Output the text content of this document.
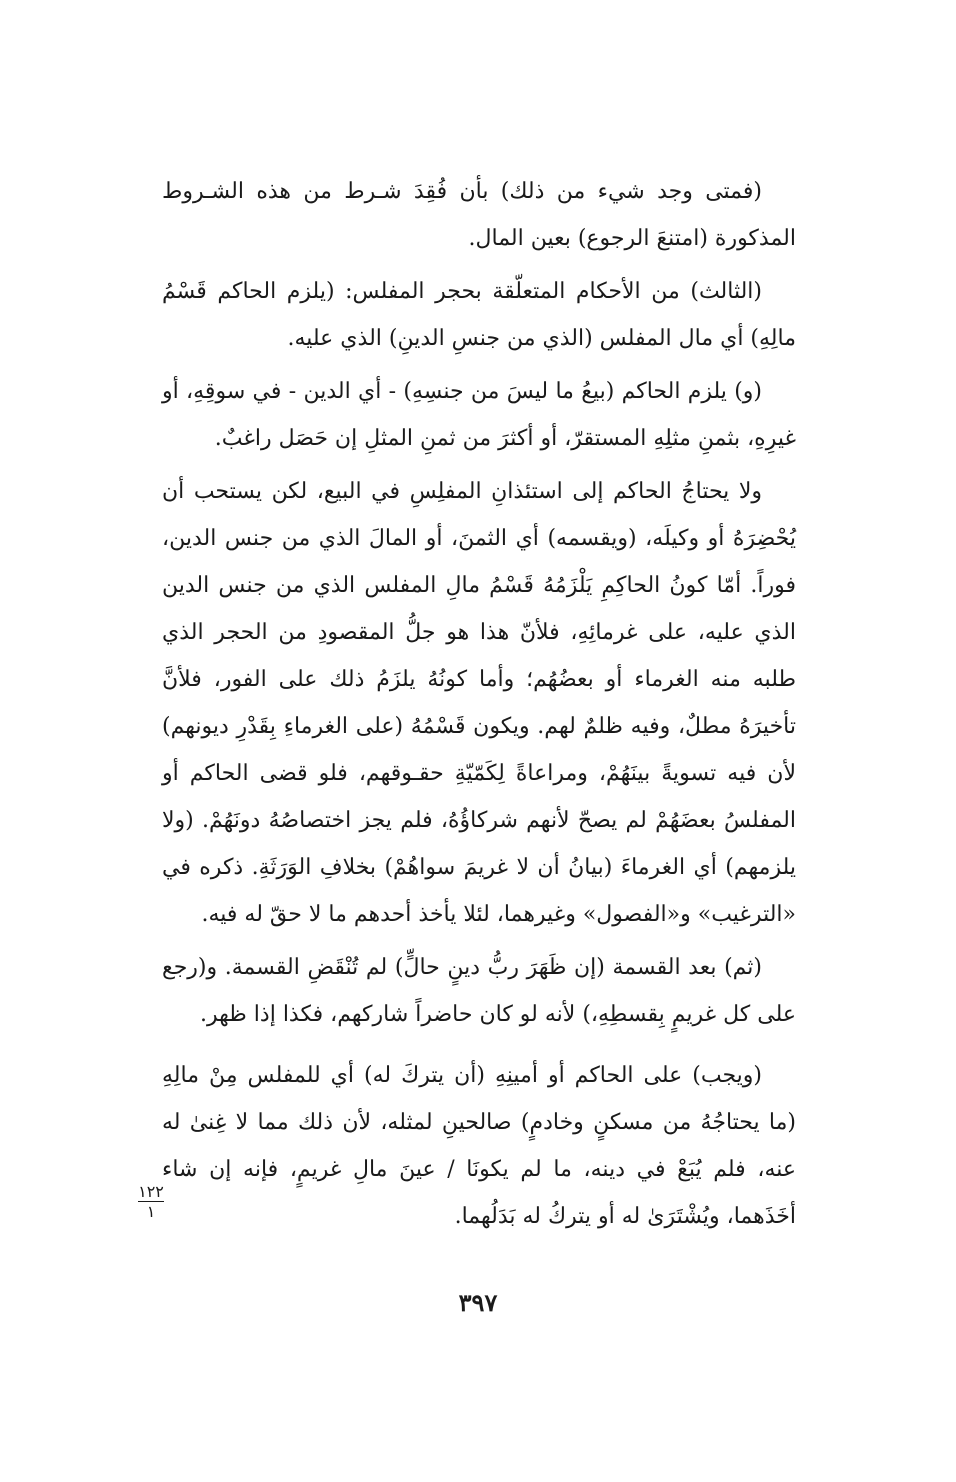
(فمتى وجد شيء من ذلك) بأن فُقِدَ شـرط من هذه الشـروط المذكورة (امتنعَ الرجوع) بعين المال.

(الثالث) من الأحكام المتعلّقة بحجر المفلس: (يلزم الحاكم قَسْمُ مالِهِ) أي مال المفلس (الذي من جنسِ الدينِ) الذي عليه.

(و) يلزم الحاكم (بيعُ ما ليسَ من جنسِهِ) - أي الدين - في سوقِهِ، أو غيرِهِ، بثمنِ مثلِهِ المستقرّ، أو أكثرَ من ثمنِ المثلِ إن حَصَل راغبٌ.

ولا يحتاجُ الحاكم إلى استئذانِ المفلِسِ في البيع، لكن يستحب أن يُحْضِرَهُ أو وكيلَه، (ويقسمه) أي الثمنَ، أو المالَ الذي من جنس الدين، فوراً. أمّا كونُ الحاكِمِ يَلْزَمُهُ قَسْمُ مالِ المفلس الذي من جنس الدين الذي عليه، على غرمائِهِ، فلأنّ هذا هو جلُّ المقصودِ من الحجر الذي طلبه منه الغرماء أو بعضُهُم؛ وأما كونُهُ يلزَمُ ذلك على الفور، فلأنَّ تأخيرَهُ مطلٌ، وفيه ظلمٌ لهم. ويكون قَسْمُهُ (على الغرماءِ بِقَدْرِ ديونهم) لأن فيه تسويةً بينَهُمْ، ومراعاةً لِكَمّيّةِ حقـوقهم، فلو قضى الحاكم أو المفلسُ بعضَهُمْ لم يصحّ لأنهم شركاؤُهُ، فلم يجز اختصاصُهُ دونَهُمْ. (ولا يلزمهم) أي الغرماءَ (بيانُ أن لا غريمَ سواهُمْ) بخلافِ الوَرَثَةِ. ذكره في «الترغيب» و«الفصول» وغيرهما، لئلا يأخذ أحدهم ما لا حقّ له فيه.

(ثم) بعد القسمة (إن ظَهَرَ ربُّ دينٍ حالٍّ) لم تُنْقَضِ القسمة. و(رجع على كل غريمٍ بِقسطِهِ،) لأنه لو كان حاضراً شاركهم، فكذا إذا ظهر.

(ويجب) على الحاكم أو أمينِهِ (أن يتركَ له) أي للمفلس مِنْ مالِهِ (ما يحتاجُهُ من مسكنٍ وخادمٍ) صالحينِ لمثله، لأن ذلك مما لا غِنىٰ له عنه، فلم يُبَعْ في دينه، ما لم يكونَا / عينَ مالِ غريمٍ، فإنه إن شاء أخَذَهما، ويُشْتَرَىٰ له أو يتركُ له بَدَلُهما.

١٢٢
١
٣٩٧
